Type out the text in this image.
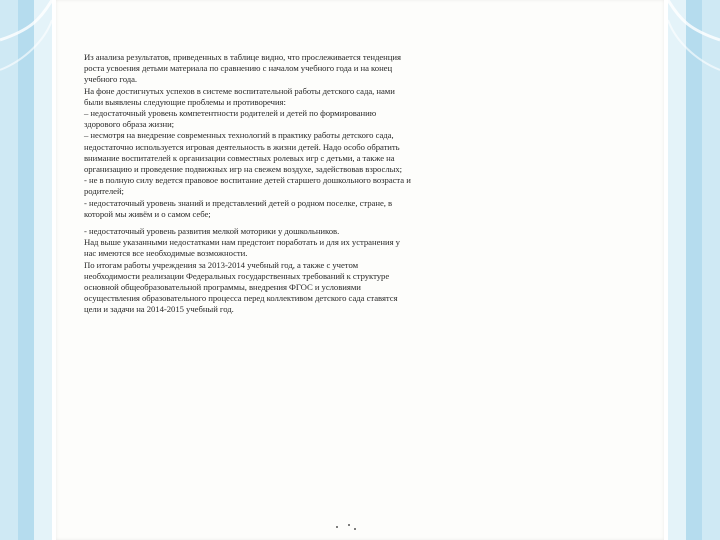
Из анализа результатов, приведенных в таблице видно, что прослеживается тенденция

роста усвоения детьми материала по сравнению с началом учебного года и на конец

учебного года.

На фоне достигнутых успехов в системе воспитательной работы детского сада, нами

были выявлены следующие проблемы и противоречия:

– недостаточный уровень компетентности родителей и детей по формированию

здорового образа жизни;

– несмотря на внедрение современных технологий в практику работы детского сада,

недостаточно используется игровая деятельность в жизни детей. Надо особо обратить

внимание воспитателей к организации совместных ролевых игр с детьми, а также на

организацию и проведение подвижных игр на свежем воздухе, задействовав взрослых;

- не в полную силу ведется правовое воспитание детей старшего дошкольного возраста и

родителей;

- недостаточный уровень знаний и представлений детей о родном поселке, стране, в

которой мы живём и о самом себе;

- недостаточный уровень развития мелкой моторики у дошкольников.

Над выше указанными недостатками нам предстоит поработать и для их устранения у

нас имеются все необходимые возможности.

По итогам работы учреждения за 2013-2014 учебный год, а также с учетом

необходимости реализации Федеральных государственных требований к структуре

основной общеобразовательной программы, внедрения ФГОС и условиями

осуществления образовательного процесса перед коллективом детского сада ставятся

цели и задачи на 2014-2015 учебный год.
